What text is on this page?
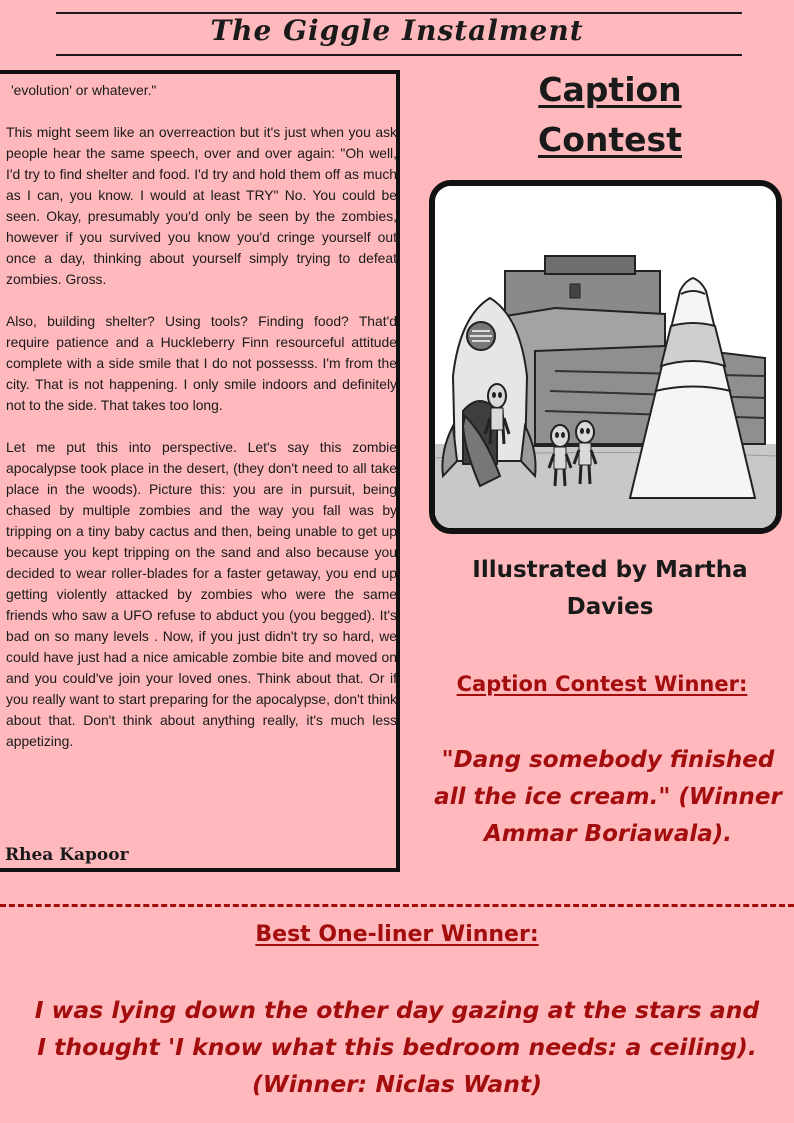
The Giggle Instalment

'evolution' or whatever."

This might seem like an overreaction but it's just when you ask people hear the same speech, over and over again: "Oh well, I'd try to find shelter and food. I'd try and hold them off as much as I can, you know. I would at least TRY" No. You could be seen. Okay, presumably you'd only be seen by the zombies, however if you survived you know you'd cringe yourself out once a day, thinking about yourself simply trying to defeat zombies. Gross.

Also, building shelter? Using tools? Finding food? That'd require patience and a Huckleberry Finn resourceful attitude complete with a side smile that I do not possesss. I'm from the city. That is not happening. I only smile indoors and definitely not to the side. That takes too long.

Let me put this into perspective. Let's say this zombie apocalypse took place in the desert, (they don't need to all take place in the woods). Picture this: you are in pursuit, being chased by multiple zombies and the way you fall was by tripping on a tiny baby cactus and then, being unable to get up because you kept tripping on the sand and also because you decided to wear roller-blades for a faster getaway, you end up getting violently attacked by zombies who were the same friends who saw a UFO refuse to abduct you (you begged). It's bad on so many levels . Now, if you just didn't try so hard, we could have just had a nice amicable zombie bite and moved on and you could've join your loved ones. Think about that. Or if you really want to start preparing for the apocalypse, don't think about that. Don't think about anything really, it's much less appetizing.

Rhea Kapoor
Caption
Contest
Illustrated by Martha Davies
Caption Contest Winner:
"Dang somebody finished all the ice cream." (Winner Ammar Boriawala).
Best One-liner Winner:
I was lying down the other day gazing at the stars and I thought 'I know what this bedroom needs: a ceiling). (Winner: Niclas Want)
